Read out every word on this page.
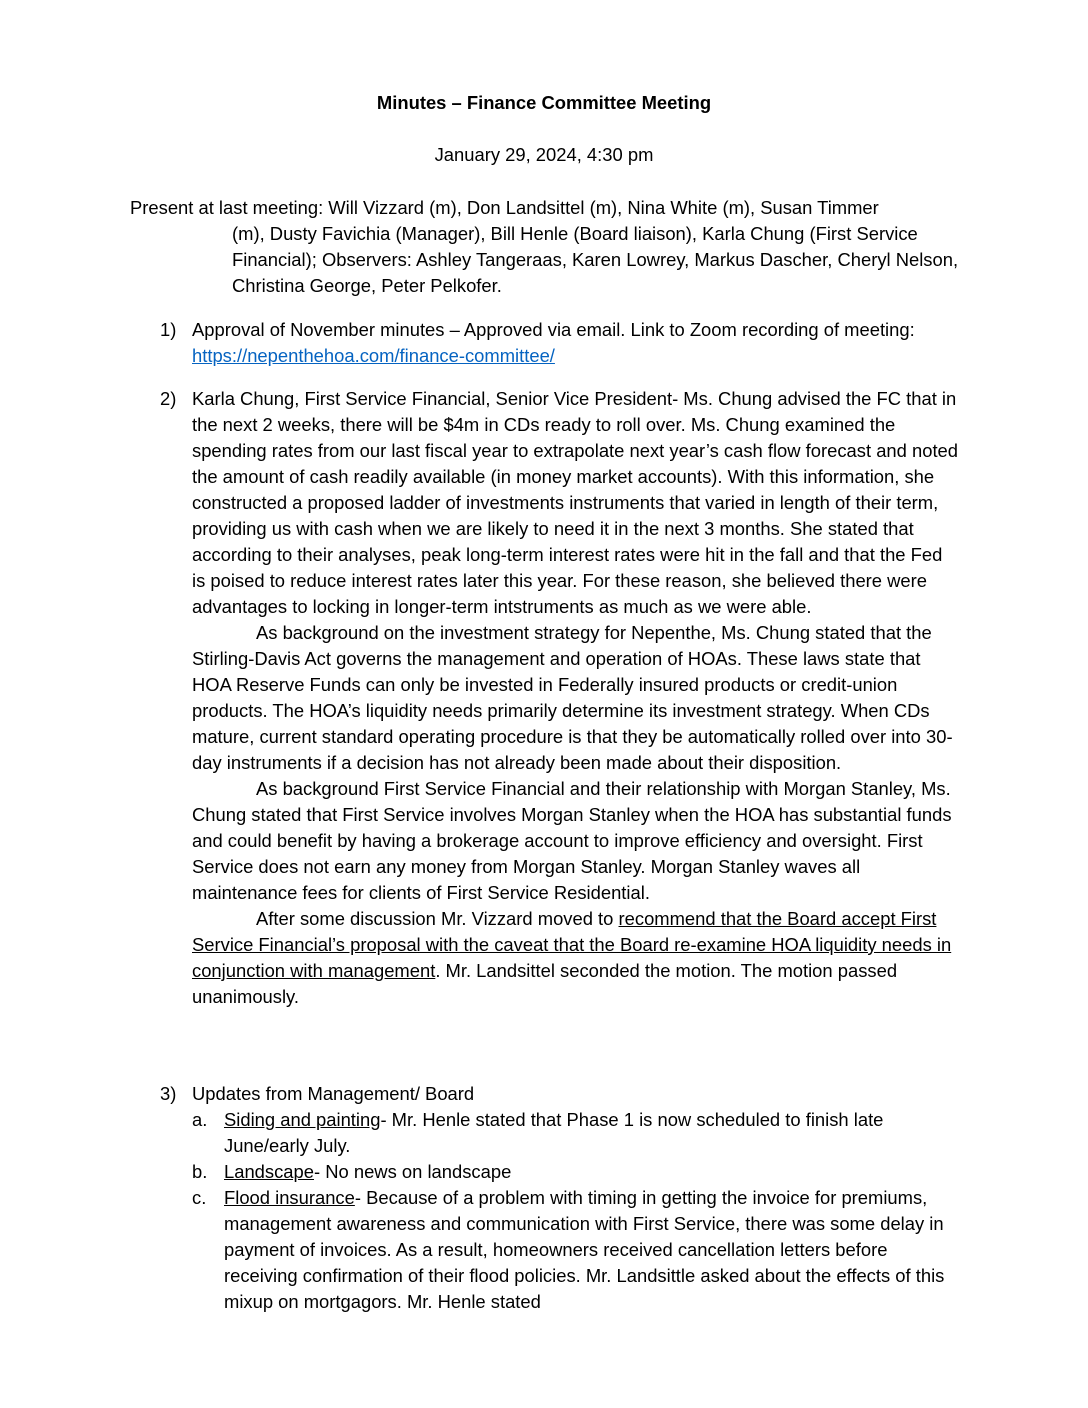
Minutes – Finance Committee Meeting
January 29, 2024, 4:30 pm
Present at last meeting: Will Vizzard (m), Don Landsittel (m), Nina White (m), Susan Timmer
(m), Dusty Favichia (Manager), Bill Henle (Board liaison), Karla Chung (First Service Financial); Observers: Ashley Tangeraas, Karen Lowrey, Markus Dascher, Cheryl Nelson, Christina George, Peter Pelkofer.
1) Approval of November minutes – Approved via email. Link to Zoom recording of meeting: https://nepenthehoa.com/finance-committee/
2) Karla Chung, First Service Financial, Senior Vice President- Ms. Chung advised the FC that in the next 2 weeks, there will be $4m in CDs ready to roll over. Ms. Chung examined the spending rates from our last fiscal year to extrapolate next year’s cash flow forecast and noted the amount of cash readily available (in money market accounts). With this information, she constructed a proposed ladder of investments instruments that varied in length of their term, providing us with cash when we are likely to need it in the next 3 months. She stated that according to their analyses, peak long-term interest rates were hit in the fall and that the Fed is poised to reduce interest rates later this year. For these reason, she believed there were advantages to locking in longer-term intstruments as much as we were able.

As background on the investment strategy for Nepenthe, Ms. Chung stated that the Stirling-Davis Act governs the management and operation of HOAs. These laws state that HOA Reserve Funds can only be invested in Federally insured products or credit-union products. The HOA’s liquidity needs primarily determine its investment strategy. When CDs mature, current standard operating procedure is that they be automatically rolled over into 30-day instruments if a decision has not already been made about their disposition.

As background First Service Financial and their relationship with Morgan Stanley, Ms. Chung stated that First Service involves Morgan Stanley when the HOA has substantial funds and could benefit by having a brokerage account to improve efficiency and oversight. First Service does not earn any money from Morgan Stanley. Morgan Stanley waves all maintenance fees for clients of First Service Residential.

After some discussion Mr. Vizzard moved to recommend that the Board accept First Service Financial’s proposal with the caveat that the Board re-examine HOA liquidity needs in conjunction with management. Mr. Landsittel seconded the motion. The motion passed unanimously.

3) Updates from Management/ Board
a. Siding and painting- Mr. Henle stated that Phase 1 is now scheduled to finish late June/early July.
b. Landscape- No news on landscape
c. Flood insurance- Because of a problem with timing in getting the invoice for premiums, management awareness and communication with First Service, there was some delay in payment of invoices. As a result, homeowners received cancellation letters before receiving confirmation of their flood policies. Mr. Landsittle asked about the effects of this mixup on mortgagors. Mr. Henle stated
